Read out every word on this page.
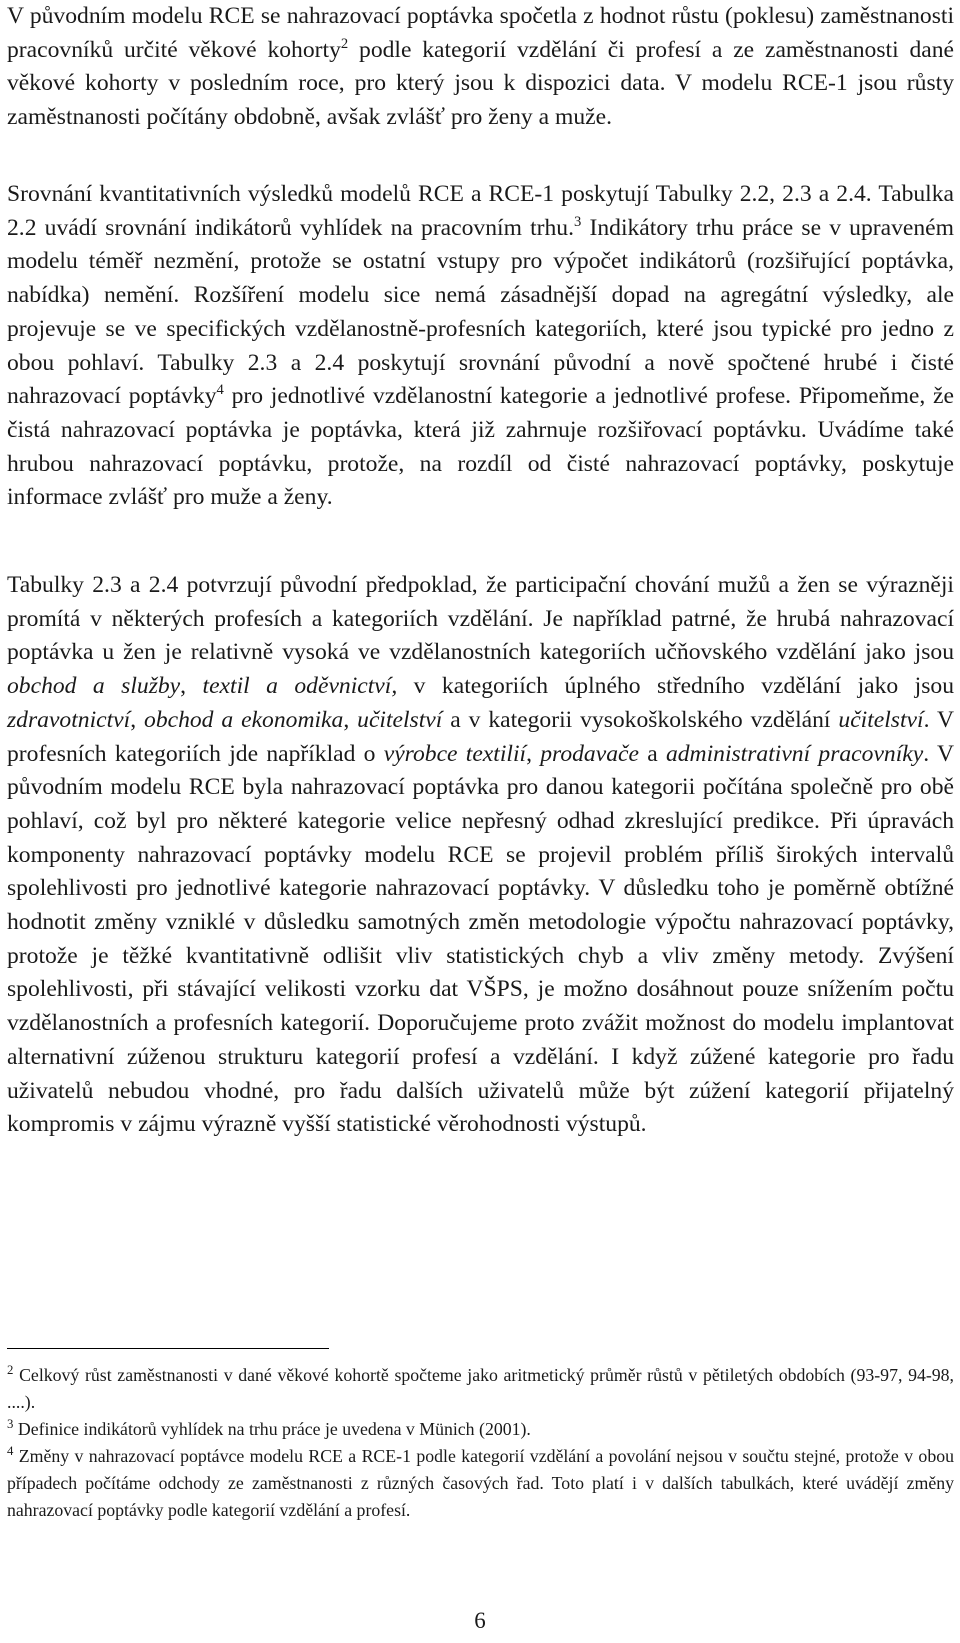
V původním modelu RCE se nahrazovací poptávka spočetla z hodnot růstu (poklesu) zaměstnanosti pracovníků určité věkové kohorty$^2$ podle kategorií vzdělání či profesí a ze zaměstnanosti dané věkové kohorty v posledním roce, pro který jsou k dispozici data. V modelu RCE-1 jsou růsty zaměstnanosti počítány obdobně, avšak zvlášť pro ženy a muže.

Srovnání kvantitativních výsledků modelů RCE a RCE-1 poskytují Tabulky 2.2, 2.3 a 2.4. Tabulka 2.2 uvádí srovnání indikátorů vyhlídek na pracovním trhu.$^3$ Indikátory trhu práce se v upraveném modelu téměř nezmění, protože se ostatní vstupy pro výpočet indikátorů (rozšiřující poptávka, nabídka) nemění. Rozšíření modelu sice nemá zásadnější dopad na agregátní výsledky, ale projevuje se ve specifických vzdělanostně-profesních kategoriích, které jsou typické pro jedno z obou pohlaví. Tabulky 2.3 a 2.4 poskytují srovnání původní a nově spočtené hrubé i čisté nahrazovací poptávky$^4$ pro jednotlivé vzdělanostní kategorie a jednotlivé profese. Připomeňme, že čistá nahrazovací poptávka je poptávka, která již zahrnuje rozšiřovací poptávku. Uvádíme také hrubou nahrazovací poptávku, protože, na rozdíl od čisté nahrazovací poptávky, poskytuje informace zvlášť pro muže a ženy.

Tabulky 2.3 a 2.4 potvrzují původní předpoklad, že participační chování mužů a žen se výrazněji promítá v některých profesích a kategoriích vzdělání. Je například patrné, že hrubá nahrazovací poptávka u žen je relativně vysoká ve vzdělanostních kategoriích učňovského vzdělání jako jsou obchod a služby, textil a oděvnictví, v kategoriích úplného středního vzdělání jako jsou zdravotnictví, obchod a ekonomika, učitelství a v kategorii vysokoškolského vzdělání učitelství. V profesních kategoriích jde například o výrobce textilií, prodavače a administrativní pracovníky. V původním modelu RCE byla nahrazovací poptávka pro danou kategorii počítána společně pro obě pohlaví, což byl pro některé kategorie velice nepřesný odhad zkreslující predikce. Při úpravách komponenty nahrazovací poptávky modelu RCE se projevil problém příliš širokých intervalů spolehlivosti pro jednotlivé kategorie nahrazovací poptávky. V důsledku toho je poměrně obtížné hodnotit změny vzniklé v důsledku samotných změn metodologie výpočtu nahrazovací poptávky, protože je těžké kvantitativně odlišit vliv statistických chyb a vliv změny metody. Zvýšení spolehlivosti, při stávající velikosti vzorku dat VŠPS, je možno dosáhnout pouze snížením počtu vzdělanostních a profesních kategorií. Doporučujeme proto zvážit možnost do modelu implantovat alternativní zúženou strukturu kategorií profesí a vzdělání. I když zúžené kategorie pro řadu uživatelů nebudou vhodné, pro řadu dalších uživatelů může být zúžení kategorií přijatelný kompromis v zájmu výrazně vyšší statistické věrohodnosti výstupů.

$^2$ Celkový růst zaměstnanosti v dané věkové kohortě spočteme jako aritmetický průměr růstů v pětiletých obdobích (93-97, 94-98, ....).
$^3$ Definice indikátorů vyhlídek na trhu práce je uvedena v Münich (2001).
$^4$ Změny v nahrazovací poptávce modelu RCE a RCE-1 podle kategorií vzdělání a povolání nejsou v součtu stejné, protože v obou případech počítáme odchody ze zaměstnanosti z různých časových řad. Toto platí i v dalších tabulkách, které uvádějí změny nahrazovací poptávky podle kategorií vzdělání a profesí.
6
